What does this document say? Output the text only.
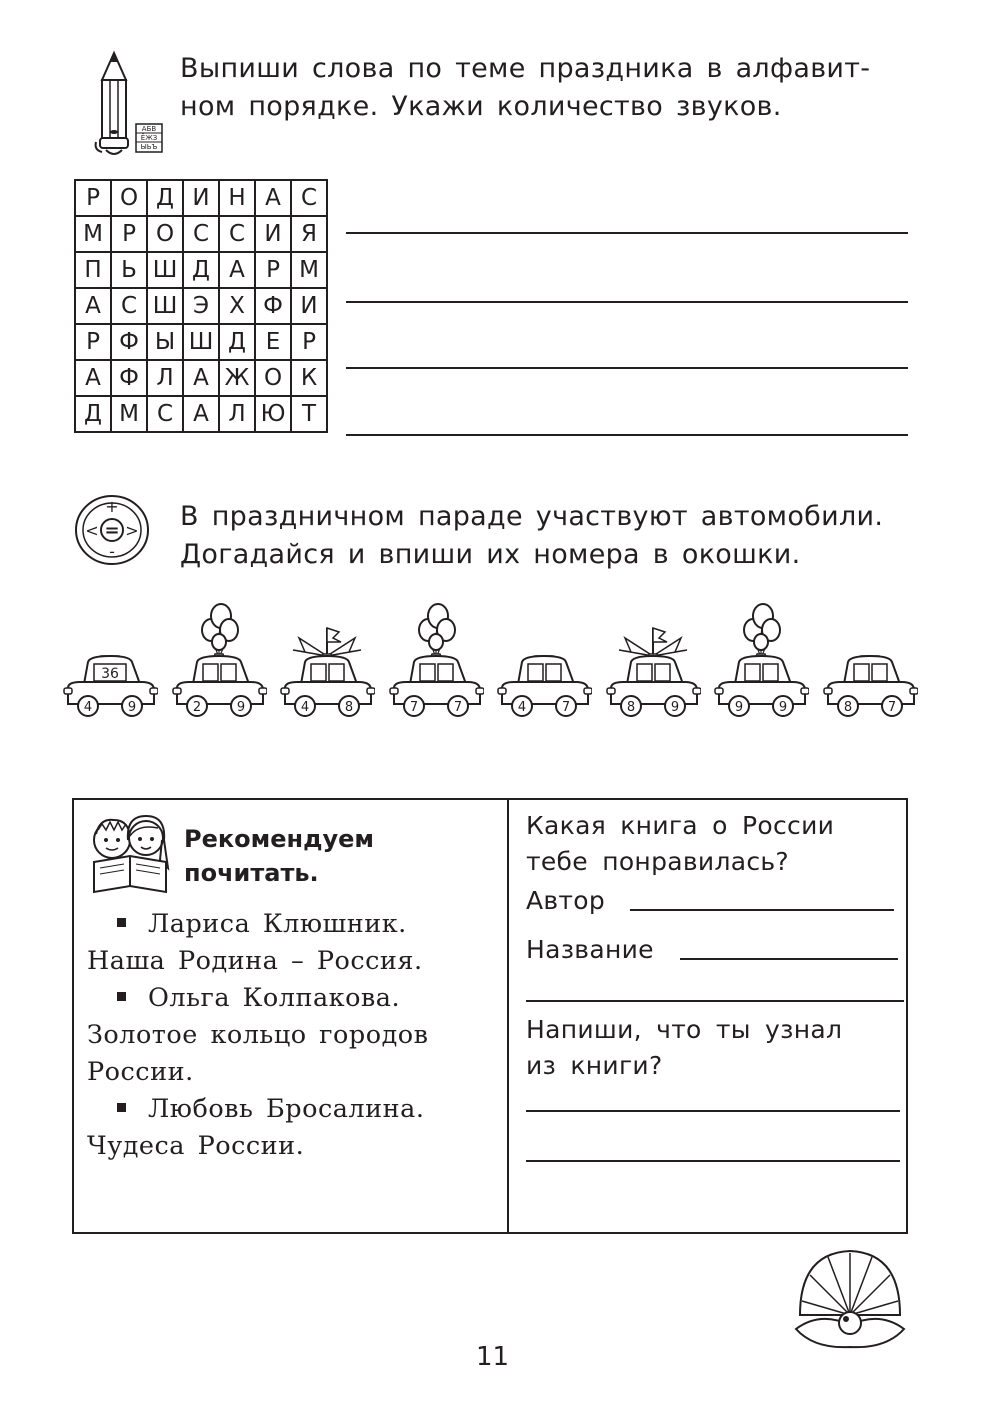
АБВ
ЁЖЗ
ЫЬЪ
Выпиши слова по теме праздника в алфавит-
ном порядке. Укажи количество звуков.
Р	О	Д	И	Н	А	С
М	Р	О	С	С	И	Я
П	Ь	Ш	Д	А	Р	М
А	С	Ш	Э	Х	Ф	И
Р	Ф	Ы	Ш	Д	Е	Р
А	Ф	Л	А	Ж	О	К
Д	М	С	А	Л	Ю	Т
+
-
< >
= В праздничном параде участвуют автомобили.
Догадайся и впиши их номера в окошки.
36
4	9	2	9	4	8	7	7	4	7	8	9	9	9	8	7
Рекомендуем
почитать.
Лариса Клюшник.
Наша Родина – Россия.
Ольга Колпакова.
Золотое кольцо городов
России.
Любовь Бросалина.
Чудеса России.
Какая книга о России
тебе понравилась?
Автор
Название
Напиши, что ты узнал
из книги?
11
